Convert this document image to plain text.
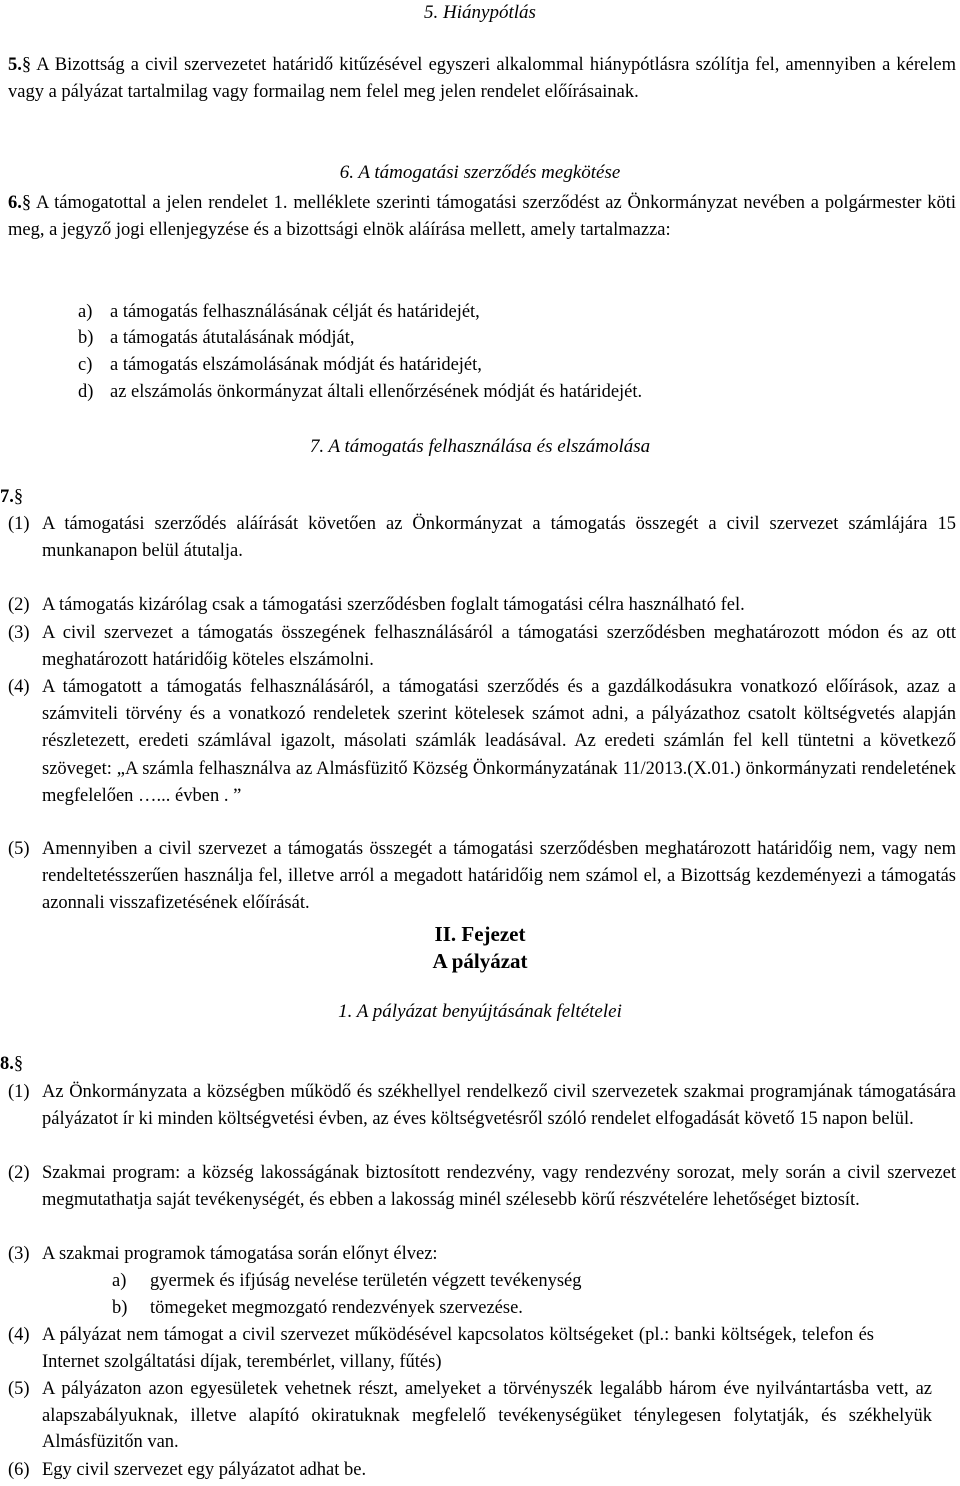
5. Hiánypótlás
5.§ A Bizottság a civil szervezetet határidő kitűzésével egyszeri alkalommal hiánypótlásra szólítja fel, amennyiben a kérelem vagy a pályázat tartalmilag vagy formailag nem felel meg jelen rendelet előírásainak.
6. A támogatási szerződés megkötése
6.§ A támogatottal a jelen rendelet 1. melléklete szerinti támogatási szerződést az Önkormányzat nevében a polgármester köti meg, a jegyző jogi ellenjegyzése és a bizottsági elnök aláírása mellett, amely tartalmazza:
a) a támogatás felhasználásának célját és határidejét,
b) a támogatás átutalásának módját,
c) a támogatás elszámolásának módját és határidejét,
d) az elszámolás önkormányzat általi ellenőrzésének módját és határidejét.
7. A támogatás felhasználása és elszámolása
7.§
(1) A támogatási szerződés aláírását követően az Önkormányzat a támogatás összegét a civil szervezet számlájára 15 munkanapon belül átutalja.
(2) A támogatás kizárólag csak a támogatási szerződésben foglalt támogatási célra használható fel.
(3) A civil szervezet a támogatás összegének felhasználásáról a támogatási szerződésben meghatározott módon és az ott meghatározott határidőig köteles elszámolni.
(4) A támogatott a támogatás felhasználásáról, a támogatási szerződés és a gazdálkodásukra vonatkozó előírások, azaz a számviteli törvény és a vonatkozó rendeletek szerint kötelesek számot adni, a pályázathoz csatolt költségvetés alapján részletezett, eredeti számlával igazolt, másolati számlák leadásával. Az eredeti számlán fel kell tüntetni a következő szöveget: „A számla felhasználva az Almásfüzitő Község Önkormányzatának 11/2013.(X.01.) önkormányzati rendeletének megfelelően …... évben . ”
(5) Amennyiben a civil szervezet a támogatás összegét a támogatási szerződésben meghatározott határidőig nem, vagy nem rendeltetésszerűen használja fel, illetve arról a megadott határidőig nem számol el, a Bizottság kezdeményezi a támogatás azonnali visszafizetésének előírását.
II. Fejezet
A pályázat
1. A pályázat benyújtásának feltételei
8.§
(1) Az Önkormányzata a községben működő és székhellyel rendelkező civil szervezetek szakmai programjának támogatására pályázatot ír ki minden költségvetési évben, az éves költségvetésről szóló rendelet elfogadását követő 15 napon belül.
(2) Szakmai program: a község lakosságának biztosított rendezvény, vagy rendezvény sorozat, mely során a civil szervezet megmutathatja saját tevékenységét, és ebben a lakosság minél szélesebb körű részvételére lehetőséget biztosít.
(3) A szakmai programok támogatása során előnyt élvez:
a) gyermek és ifjúság nevelése területén végzett tevékenység
b) tömegeket megmozgató rendezvények szervezése.
(4) A pályázat nem támogat a civil szervezet működésével kapcsolatos költségeket (pl.: banki költségek, telefon és Internet szolgáltatási díjak, terembérlet, villany, fűtés)
(5) A pályázaton azon egyesületek vehetnek részt, amelyeket a törvényszék legalább három éve nyilvántartásba vett, az alapszabályuknak, illetve alapító okiratuknak megfelelő tevékenységüket ténylegesen folytatják, és székhelyük Almásfüzitőn van.
(6) Egy civil szervezet egy pályázatot adhat be.
